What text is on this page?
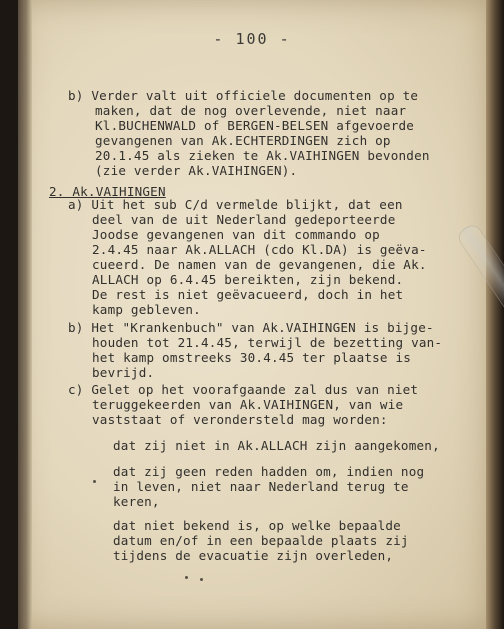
- 100 -
b) Verder valt uit officiele documenten op te
maken, dat de nog overlevende, niet naar
Kl.BUCHENWALD of BERGEN-BELSEN afgevoerde
gevangenen van Ak.ECHTERDINGEN zich op
20.1.45 als zieken te Ak.VAIHINGEN bevonden
(zie verder Ak.VAIHINGEN).
2. Ak.VAIHINGEN
a) Uit het sub C/d vermelde blijkt, dat een
deel van de uit Nederland gedeporteerde
Joodse gevangenen van dit commando op
2.4.45 naar Ak.ALLACH (cdo Kl.DA) is geëva-
cueerd. De namen van de gevangenen, die Ak.
ALLACH op 6.4.45 bereikten, zijn bekend.
De rest is niet geëvacueerd, doch in het
kamp gebleven.
b) Het "Krankenbuch" van Ak.VAIHINGEN is bijge-
houden tot 21.4.45, terwijl de bezetting van-
het kamp omstreeks 30.4.45 ter plaatse is
bevrijd.
c) Gelet op het voorafgaande zal dus van niet
teruggekeerden van Ak.VAIHINGEN, van wie
vaststaat of verondersteld mag worden:
dat zij niet in Ak.ALLACH zijn aangekomen,
dat zij geen reden hadden om, indien nog
in leven, niet naar Nederland terug te
keren,
dat niet bekend is, op welke bepaalde
datum en/of in een bepaalde plaats zij
tijdens de evacuatie zijn overleden,
